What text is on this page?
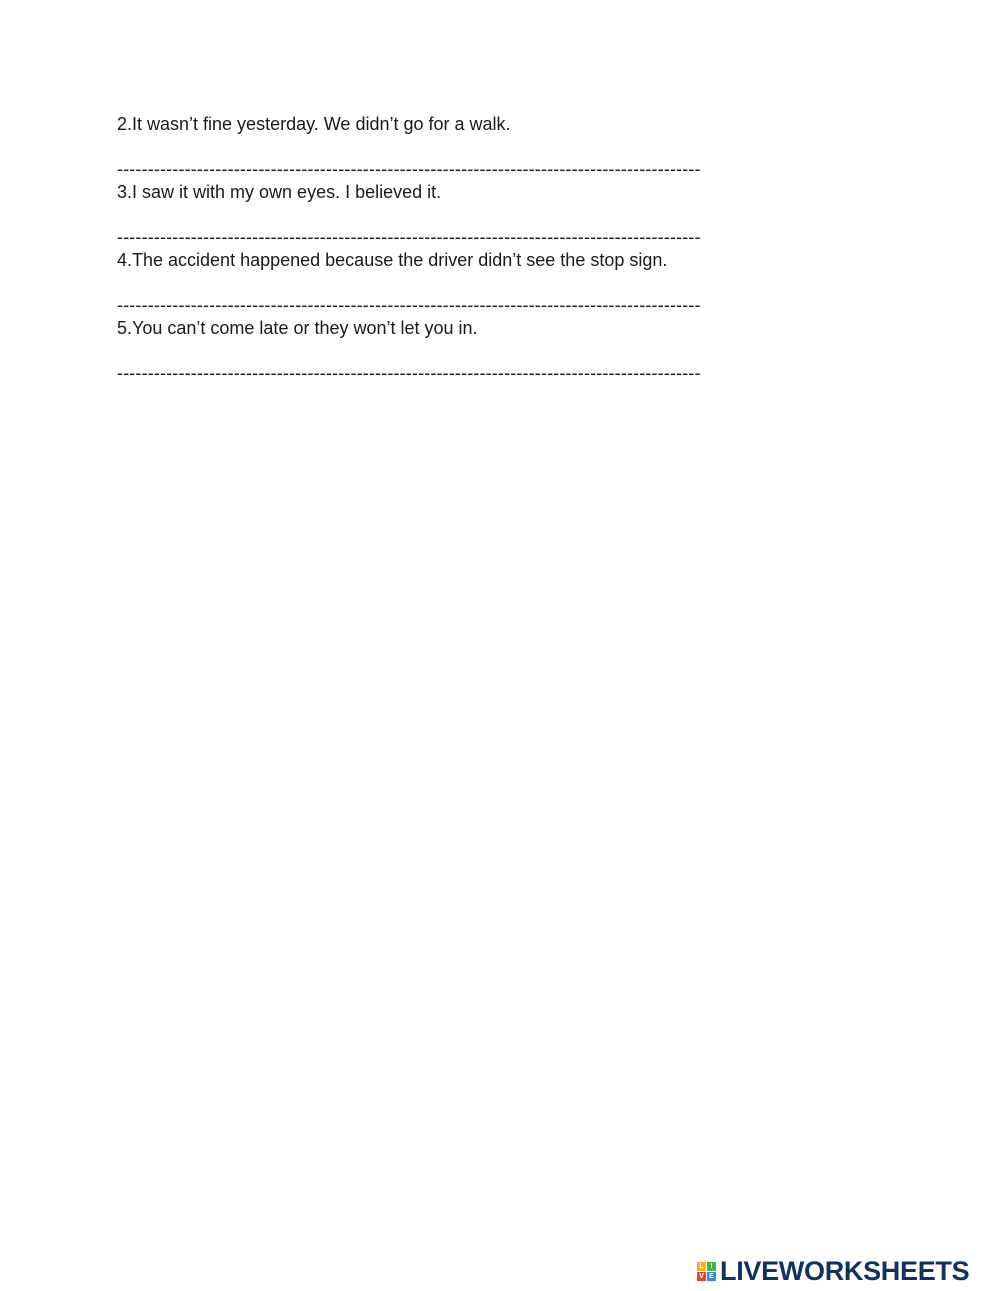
2.It wasn’t fine yesterday. We didn’t go for a walk.
-----------------------------------------------------------------------------------------------
3.I saw it with my own eyes. I believed it.
-----------------------------------------------------------------------------------------------
4.The accident happened because the driver didn’t see the stop sign.
-----------------------------------------------------------------------------------------------
5.You can’t come late or they won’t let you in.
-----------------------------------------------------------------------------------------------
L I
V E LIVEWORKSHEETS
